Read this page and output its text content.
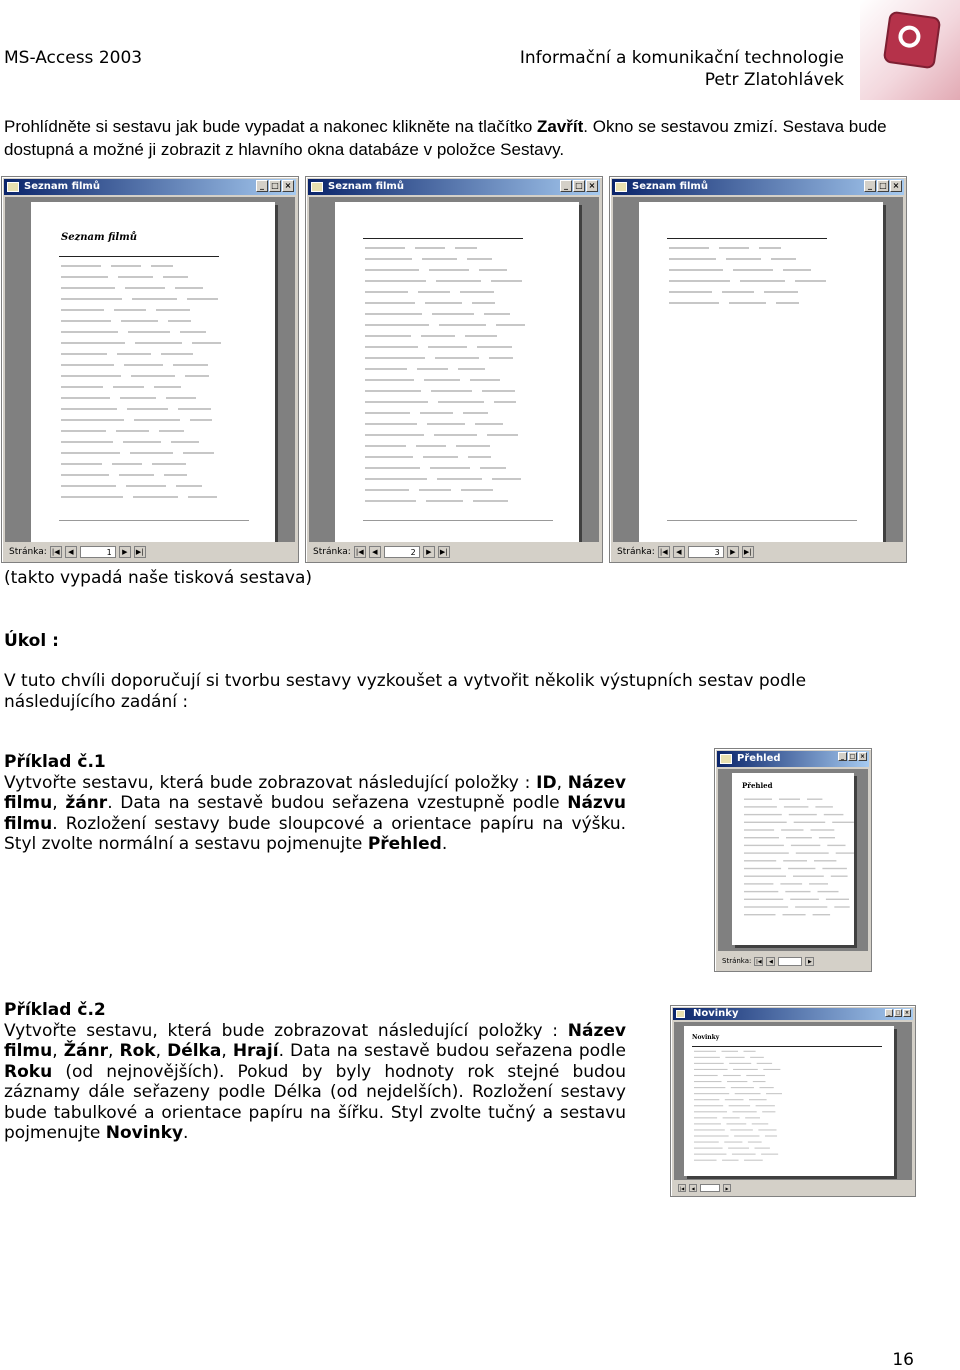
MS-Access 2003	Informační a komunikační technologie
Petr Zlatohlávek
Prohlídněte si sestavu jak bude vypadat a nakonec klikněte na tlačítko Zavřít. Okno se sestavou zmizí. Sestava bude dostupná a možné ji zobrazit z hlavního okna databáze v položce Sestavy.
Seznam filmů	_ □ ×
Seznam filmů
Stránka: |◀	◀	1	▶	▶|
Seznam filmů	_ □ ×
Stránka: |◀	◀	2	▶	▶|
Seznam filmů	_ □ ×
Stránka: |◀	◀	3	▶	▶|
(takto vypadá naše tisková sestava)
Úkol :
V tuto chvíli doporučují si tvorbu sestavy vyzkoušet a vytvořit několik výstupních sestav podle následujícího zadání :
Příklad č.1
Vytvořte sestavu, která bude zobrazovat následující položky : ID, Název filmu, žánr. Data na sestavě budou seřazena vzestupně podle Názvu filmu. Rozložení sestavy bude sloupcové a orientace papíru na výšku. Styl zvolte normální a sestavu pojmenujte Přehled.
Přehled	_ □ ×
Přehled
Stránka: |◀	◀	▶
Příklad č.2
Vytvořte sestavu, která bude zobrazovat následující položky : Název filmu, Žánr, Rok, Délka, Hrají. Data na sestavě budou seřazena podle Roku (od nejnovějších). Pokud by byly hodnoty rok stejné budou záznamy dále seřazeny podle Délka (od nejdelších). Rozložení sestavy bude tabulkové a orientace papíru na šířku. Styl zvolte tučný a sestavu pojmenujte Novinky.
Novinky	_	□ ×
Novinky
|◀	◀	▶
16
